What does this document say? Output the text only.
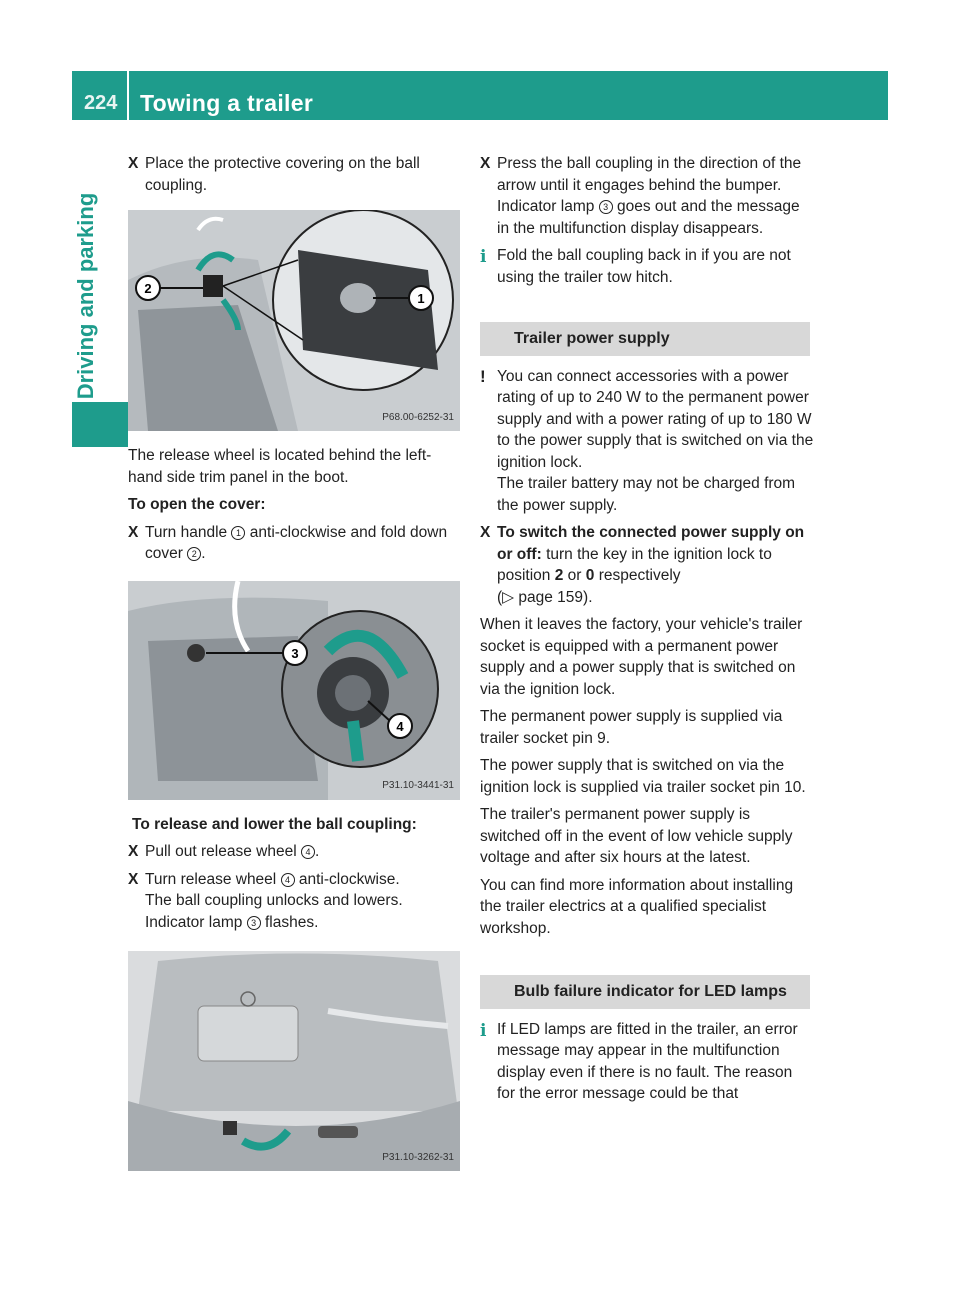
224 Towing a trailer
Driving and parking
X Place the protective covering on the ball coupling.
1
2
P68.00-6252-31

The release wheel is located behind the left-hand side trim panel in the boot.

To open the cover:

X Turn handle 1 anti-clockwise and fold down cover 2 .
3
4
P31.10-3441-31

To release and lower the ball coupling:

X Pull out release wheel 4 .
X Turn release wheel 4 anti-clockwise.
The ball coupling unlocks and lowers. Indicator lamp 3 flashes.
P31.10-3262-31
X Press the ball coupling in the direction of the arrow until it engages behind the bumper.
Indicator lamp 3 goes out and the message in the multifunction display disappears.
i Fold the ball coupling back in if you are not using the trailer tow hitch.
Trailer power supply
! You can connect accessories with a power rating of up to 240 W to the permanent power supply and with a power rating of up to 180 W to the power supply that is switched on via the ignition lock.
The trailer battery may not be charged from the power supply.
X To switch the connected power supply on or off: turn the key in the ignition lock to position 2 or 0 respectively
(▷ page 159).

When it leaves the factory, your vehicle's trailer socket is equipped with a permanent power supply and a power supply that is switched on via the ignition lock.

The permanent power supply is supplied via trailer socket pin 9.

The power supply that is switched on via the ignition lock is supplied via trailer socket pin 10.

The trailer's permanent power supply is switched off in the event of low vehicle supply voltage and after six hours at the latest.

You can find more information about installing the trailer electrics at a qualified specialist workshop.

Bulb failure indicator for LED lamps
i If LED lamps are fitted in the trailer, an error message may appear in the multifunction display even if there is no fault. The reason for the error message could be that
